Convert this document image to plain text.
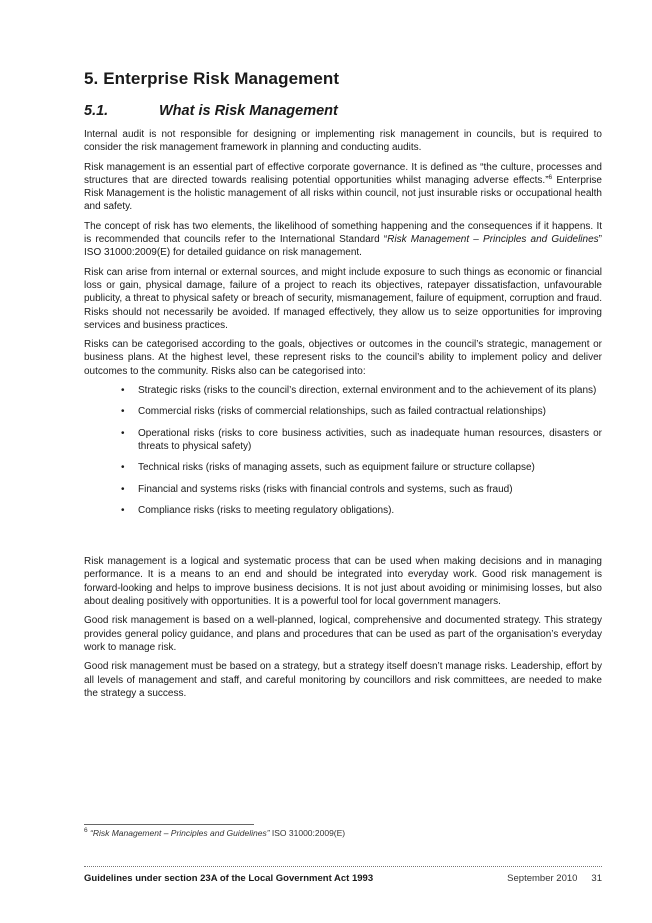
5. Enterprise Risk Management
5.1.	What is Risk Management

Internal audit is not responsible for designing or implementing risk management in councils, but is required to consider the risk management framework in planning and conducting audits.

Risk management is an essential part of effective corporate governance. It is defined as “the culture, processes and structures that are directed towards realising potential opportunities whilst managing adverse effects.”$^6$ Enterprise Risk Management is the holistic management of all risks within council, not just insurable risks or occupational health and safety.

The concept of risk has two elements, the likelihood of something happening and the consequences if it happens. It is recommended that councils refer to the International Standard “Risk Management – Principles and Guidelines” ISO 31000:2009(E) for detailed guidance on risk management.

Risk can arise from internal or external sources, and might include exposure to such things as economic or financial loss or gain, physical damage, failure of a project to reach its objectives, ratepayer dissatisfaction, unfavourable publicity, a threat to physical safety or breach of security, mismanagement, failure of equipment, corruption and fraud. Risks should not necessarily be avoided. If managed effectively, they allow us to seize opportunities for improving services and business practices.

Risks can be categorised according to the goals, objectives or outcomes in the council’s strategic, management or business plans. At the highest level, these represent risks to the council’s ability to implement policy and deliver outcomes to the community. Risks also can be categorised into:

• Strategic risks (risks to the council’s direction, external environment and to the achievement of its plans)
• Commercial risks (risks of commercial relationships, such as failed contractual relationships)
• Operational risks (risks to core business activities, such as inadequate human resources, disasters or threats to physical safety)
• Technical risks (risks of managing assets, such as equipment failure or structure collapse)
• Financial and systems risks (risks with financial controls and systems, such as fraud)
• Compliance risks (risks to meeting regulatory obligations).

Risk management is a logical and systematic process that can be used when making decisions and in managing performance. It is a means to an end and should be integrated into everyday work. Good risk management is forward-looking and helps to improve business decisions. It is not just about avoiding or minimising losses, but also about dealing positively with opportunities. It is a powerful tool for local government managers.

Good risk management is based on a well-planned, logical, comprehensive and documented strategy. This strategy provides general policy guidance, and plans and procedures that can be used as part of the organisation’s everyday work to manage risk.

Good risk management must be based on a strategy, but a strategy itself doesn’t manage risks. Leadership, effort by all levels of management and staff, and careful monitoring by councillors and risk committees, are needed to make the strategy a success.

$^6$ “Risk Management – Principles and Guidelines” ISO 31000:2009(E)
Guidelines under section 23A of the Local Government Act 1993	September 2010 31
